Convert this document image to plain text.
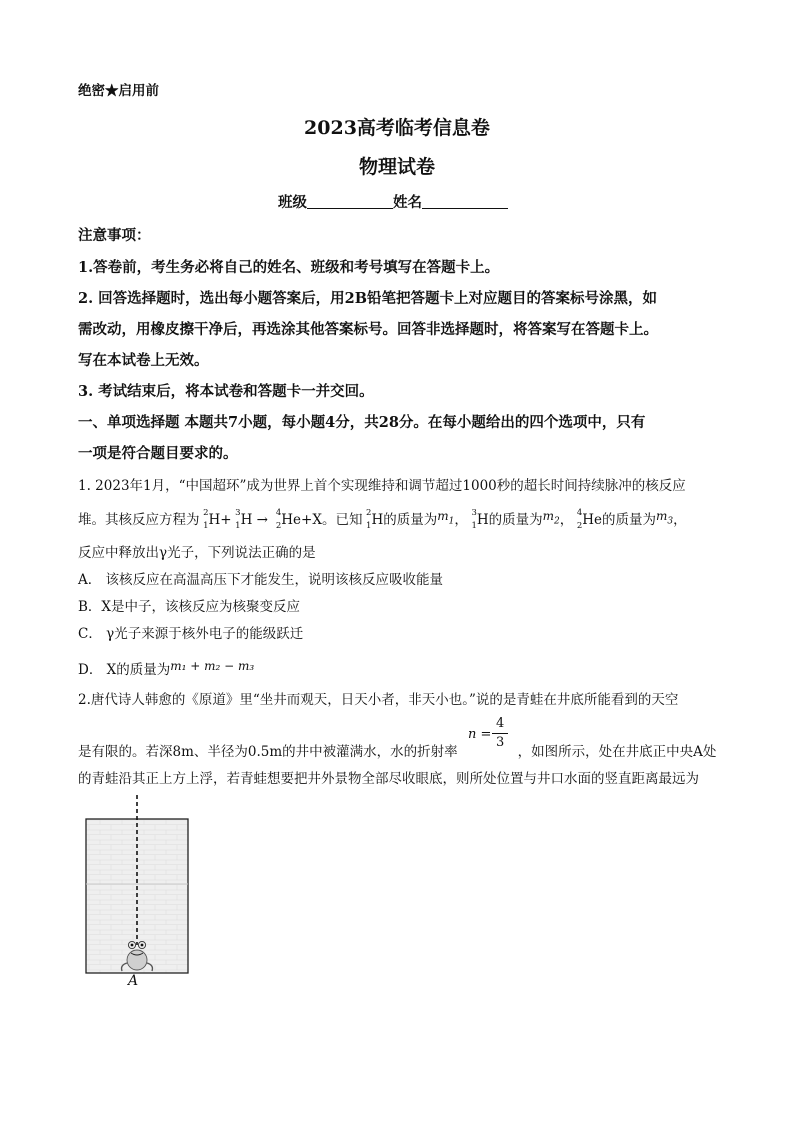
绝密★启用前
2023高考临考信息卷
物理试卷
班级	姓名
注意事项：
1.答卷前，考生务必将自己的姓名、班级和考号填写在答题卡上。
2. 回答选择题时，选出每小题答案后，用2B铅笔把答题卡上对应题目的答案标号涂黑，如
需改动，用橡皮擦干净后，再选涂其他答案标号。回答非选择题时，将答案写在答题卡上。
写在本试卷上无效。
3. 考试结束后，将本试卷和答题卡一并交回。
一、单项选择题 本题共7小题，每小题4分，共28分。在每小题给出的四个选项中，只有
一项是符合题目要求的。
1. 2023年1月，“中国超环”成为世界上首个实现维持和调节超过1000秒的超长时间持续脉冲的核反应
堆。其核反应方程为 2
1 H+ 3
1 H → 4
2 He+X。已知 2
1 H的质量为$m_1$， 3
1 H的质量为$m_2$， 4
2 He的质量为$m_3$，
反应中释放出γ光子，下列说法正确的是
A． 该核反应在高温高压下才能发生，说明该核反应吸收能量
B．X是中子，该核反应为核聚变反应
C． γ光子来源于核外电子的能级跃迁
D． X的质量为m₁ + m₂ − m₃
2.唐代诗人韩愈的《原道》里“坐井而观天，日天小者，非天小也。”说的是青蛙在井底所能看到的天空
是有限的。若深8m、半径为0.5m的井中被灌满水，水的折射率	，如图所示，处在井底正中央A处
n =
4
3
的青蛙沿其正上方上浮，若青蛙想要把井外景物全部尽收眼底，则所处位置与井口水面的竖直距离最远为
A
